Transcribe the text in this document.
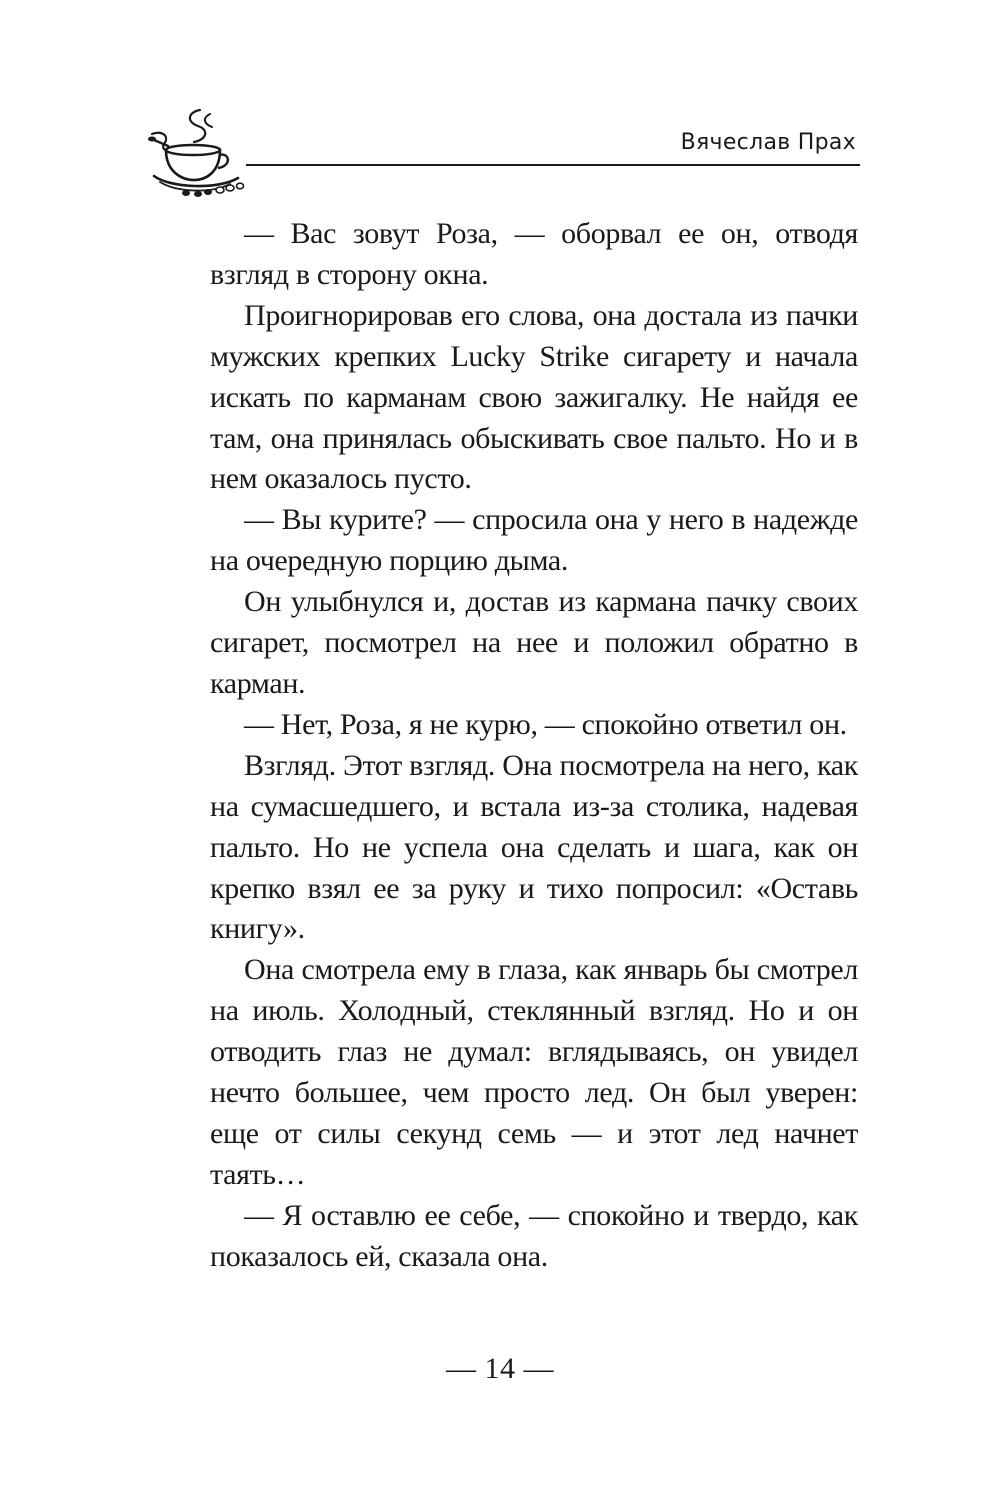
Вячеслав Прах

— Вас зовут Роза, — оборвал ее он, отводя взгляд в сторону окна.

Проигнорировав его слова, она достала из пачки мужских крепких Lucky Strike сигарету и начала искать по карманам свою зажигалку. Не найдя ее там, она принялась обыскивать свое пальто. Но и в нем оказалось пусто.

— Вы курите? — спросила она у него в надежде на очередную порцию дыма.

Он улыбнулся и, достав из кармана пачку своих сигарет, посмотрел на нее и положил обратно в карман.

— Нет, Роза, я не курю, — спокойно ответил он.

Взгляд. Этот взгляд. Она посмотрела на него, как на сумасшедшего, и встала из-за столика, надевая пальто. Но не успела она сделать и шага, как он крепко взял ее за руку и тихо попросил: «Оставь книгу».

Она смотрела ему в глаза, как январь бы смотрел на июль. Холодный, стеклянный взгляд. Но и он отводить глаз не думал: вглядываясь, он увидел нечто большее, чем просто лед. Он был уверен: еще от силы секунд семь — и этот лед начнет таять…

— Я оставлю ее себе, — спокойно и твердо, как показалось ей, сказала она.

— 14 —
